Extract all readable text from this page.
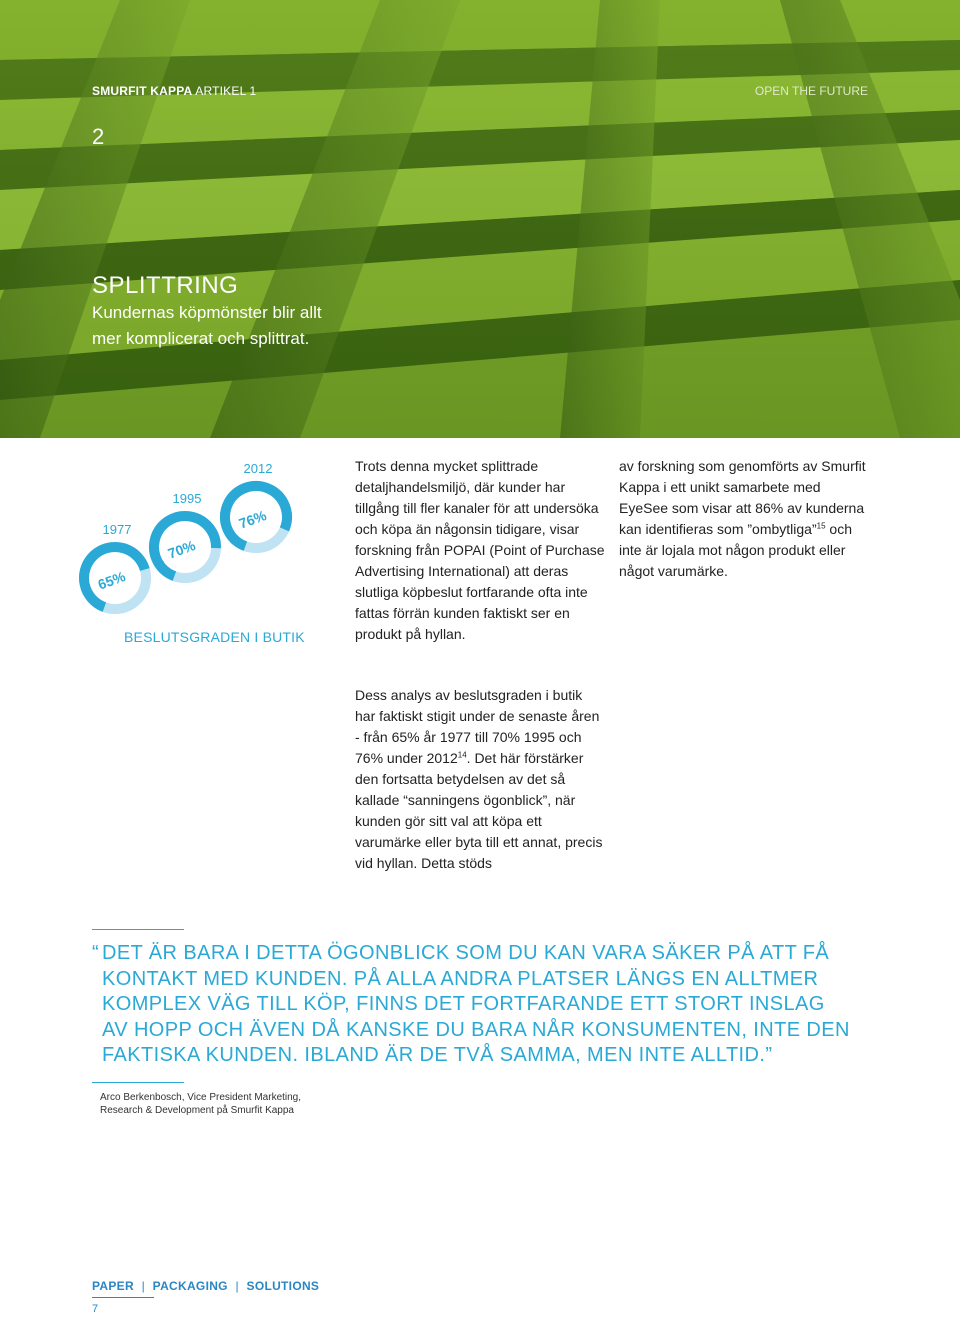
SMURFIT KAPPA ARTIKEL 1	OPEN THE FUTURE
2
SPLITTRING
Kundernas köpmönster blir allt mer komplicerat och splittrat.
65%
1977
70%
1995
76%
2012
BESLUTSGRADEN I BUTIK
Trots denna mycket splittrade detaljhandelsmiljö, där kunder har tillgång till fler kanaler för att undersöka och köpa än någonsin tidigare, visar forskning från POPAI (Point of Purchase Advertising International) att deras slutliga köpbeslut fortfarande ofta inte fattas förrän kunden faktiskt ser en produkt på hyllan.
Dess analys av beslutsgraden i butik har faktiskt stigit under de senaste åren - från 65% år 1977 till 70% 1995 och 76% under 2012$^{14}$. Det här förstärker den fortsatta betydelsen av det så kallade “sanningens ögonblick”, när kunden gör sitt val att köpa ett varumärke eller byta till ett annat, precis vid hyllan. Detta stöds
av forskning som genomförts av Smurfit Kappa i ett unikt samarbete med EyeSee som visar att 86% av kunderna kan identifieras som ”ombytliga”$^{15}$ och inte är lojala mot någon produkt eller något varumärke.
“ DET ÄR BARA I DETTA ÖGONBLICK SOM DU KAN VARA SÄKER PÅ ATT FÅ KONTAKT MED KUNDEN. PÅ ALLA ANDRA PLATSER LÄNGS EN ALLTMER KOMPLEX VÄG TILL KÖP, FINNS DET FORTFARANDE ETT STORT INSLAG AV HOPP OCH ÄVEN DÅ KANSKE DU BARA NÅR KONSUMENTEN, INTE DEN FAKTISKA KUNDEN. IBLAND ÄR DE TVÅ SAMMA, MEN INTE ALLTID.”
Arco Berkenbosch, Vice President Marketing,
Research & Development på Smurfit Kappa
PAPER | PACKAGING | SOLUTIONS
7
